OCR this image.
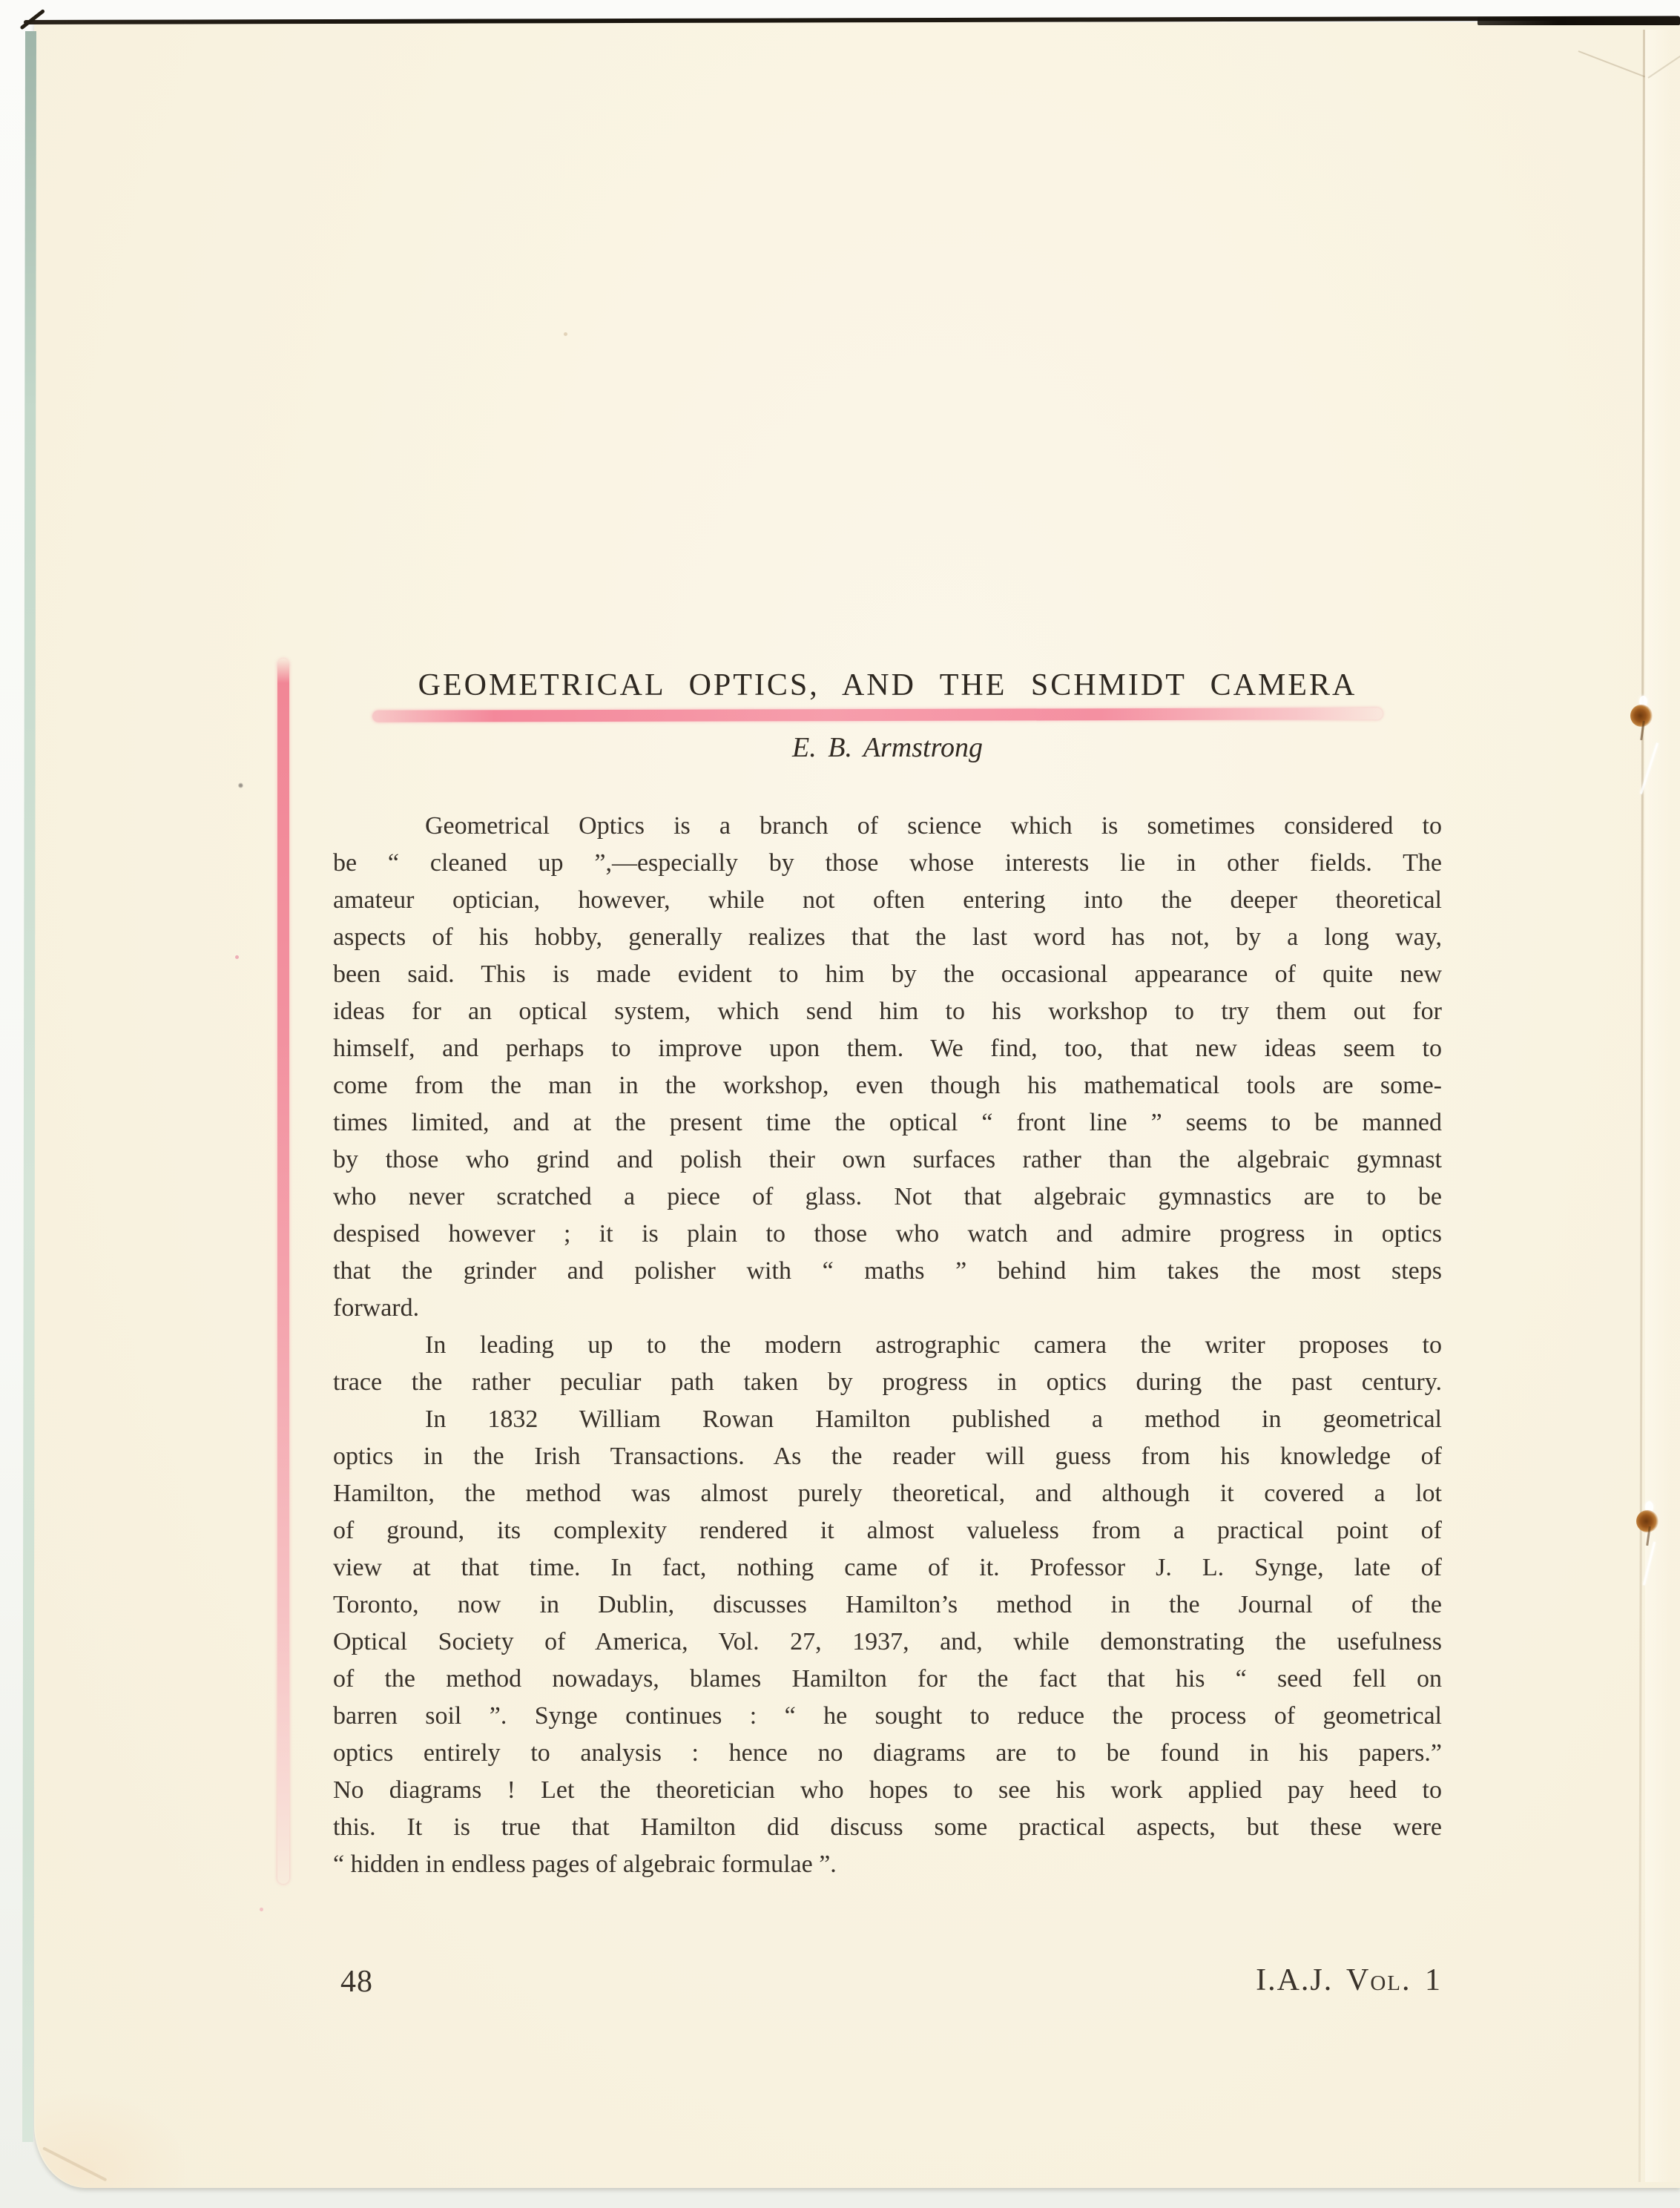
GEOMETRICAL OPTICS, AND THE SCHMIDT CAMERA
E. B. Armstrong
Geometrical Optics is a branch of science which is sometimes considered to
be “ cleaned up ”,—especially by those whose interests lie in other fields. The
amateur optician, however, while not often entering into the deeper theoretical
aspects of his hobby, generally realizes that the last word has not, by a long way,
been said. This is made evident to him by the occasional appearance of quite new
ideas for an optical system, which send him to his workshop to try them out for
himself, and perhaps to improve upon them. We find, too, that new ideas seem to
come from the man in the workshop, even though his mathematical tools are some-
times limited, and at the present time the optical “ front line ” seems to be manned
by those who grind and polish their own surfaces rather than the algebraic gymnast
who never scratched a piece of glass. Not that algebraic gymnastics are to be
despised however ; it is plain to those who watch and admire progress in optics
that the grinder and polisher with “ maths ” behind him takes the most steps
forward.
In leading up to the modern astrographic camera the writer proposes to
trace the rather peculiar path taken by progress in optics during the past century.
In 1832 William Rowan Hamilton published a method in geometrical
optics in the Irish Transactions. As the reader will guess from his knowledge of
Hamilton, the method was almost purely theoretical, and although it covered a lot
of ground, its complexity rendered it almost valueless from a practical point of
view at that time. In fact, nothing came of it. Professor J. L. Synge, late of
Toronto, now in Dublin, discusses Hamilton’s method in the Journal of the
Optical Society of America, Vol. 27, 1937, and, while demonstrating the usefulness
of the method nowadays, blames Hamilton for the fact that his “ seed fell on
barren soil ”. Synge continues : “ he sought to reduce the process of geometrical
optics entirely to analysis : hence no diagrams are to be found in his papers.”
No diagrams ! Let the theoretician who hopes to see his work applied pay heed to
this. It is true that Hamilton did discuss some practical aspects, but these were
“ hidden in endless pages of algebraic formulae ”.
48	I.A.J. Vol. 1
